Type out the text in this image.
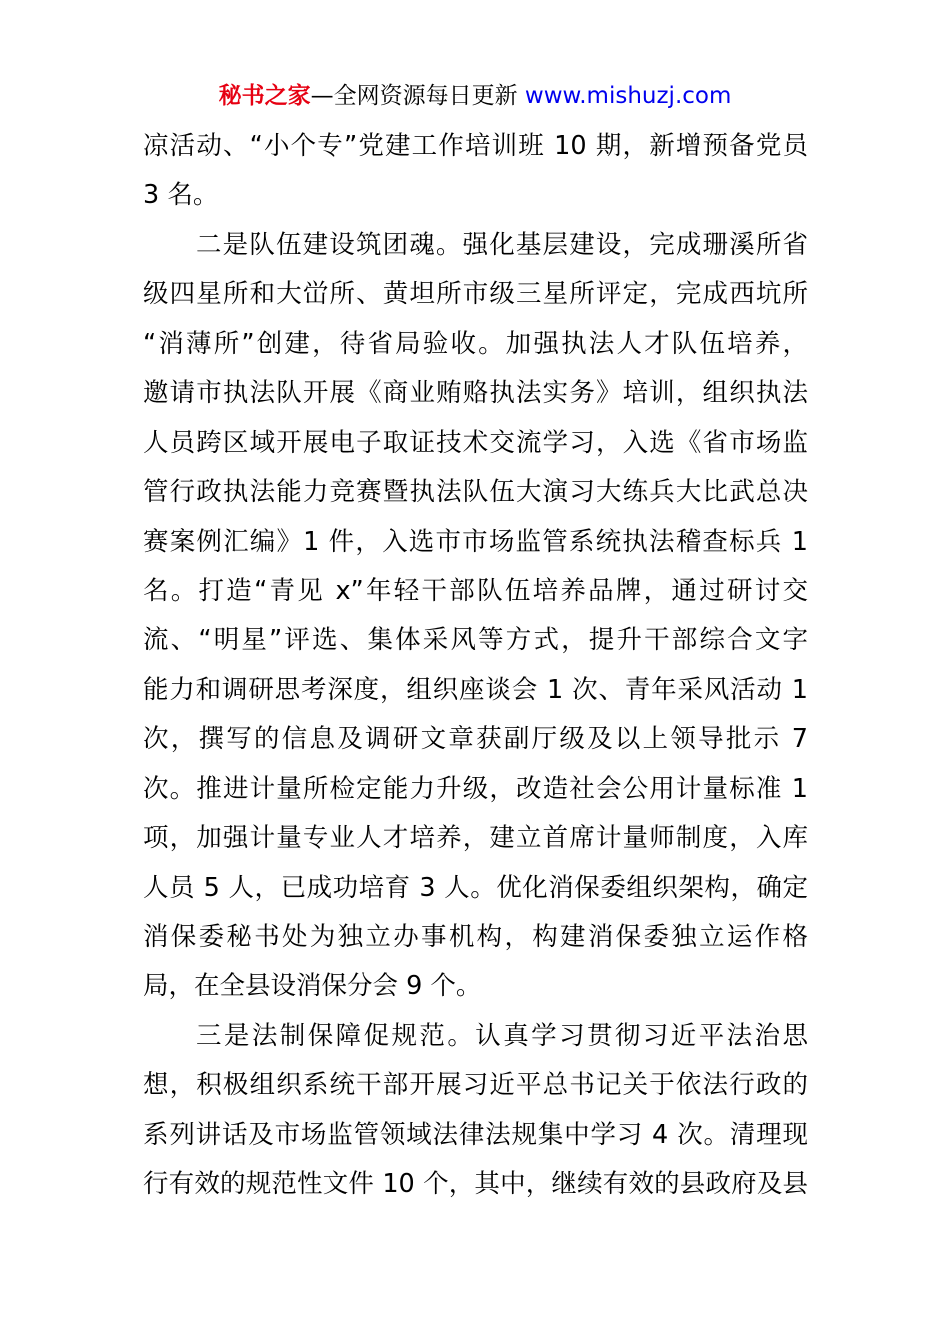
秘书之家—全网资源每日更新 www.mishuzj.com
凉活动、“小个专”党建工作培训班 10 期，新增预备党员
3 名。
二是队伍建设筑团魂。强化基层建设，完成珊溪所省
级四星所和大峃所、黄坦所市级三星所评定，完成西坑所
“消薄所”创建，待省局验收。加强执法人才队伍培养，
邀请市执法队开展《商业贿赂执法实务》培训，组织执法
人员跨区域开展电子取证技术交流学习，入选《省市场监
管行政执法能力竞赛暨执法队伍大演习大练兵大比武总决
赛案例汇编》1 件，入选市市场监管系统执法稽查标兵 1
名。打造“青见 x”年轻干部队伍培养品牌，通过研讨交
流、“明星”评选、集体采风等方式，提升干部综合文字
能力和调研思考深度，组织座谈会 1 次、青年采风活动 1
次，撰写的信息及调研文章获副厅级及以上领导批示 7
次。推进计量所检定能力升级，改造社会公用计量标准 1
项，加强计量专业人才培养，建立首席计量师制度，入库
人员 5 人，已成功培育 3 人。优化消保委组织架构，确定
消保委秘书处为独立办事机构，构建消保委独立运作格
局，在全县设消保分会 9 个。
三是法制保障促规范。认真学习贯彻习近平法治思
想，积极组织系统干部开展习近平总书记关于依法行政的
系列讲话及市场监管领域法律法规集中学习 4 次。清理现
行有效的规范性文件 10 个，其中，继续有效的县政府及县
